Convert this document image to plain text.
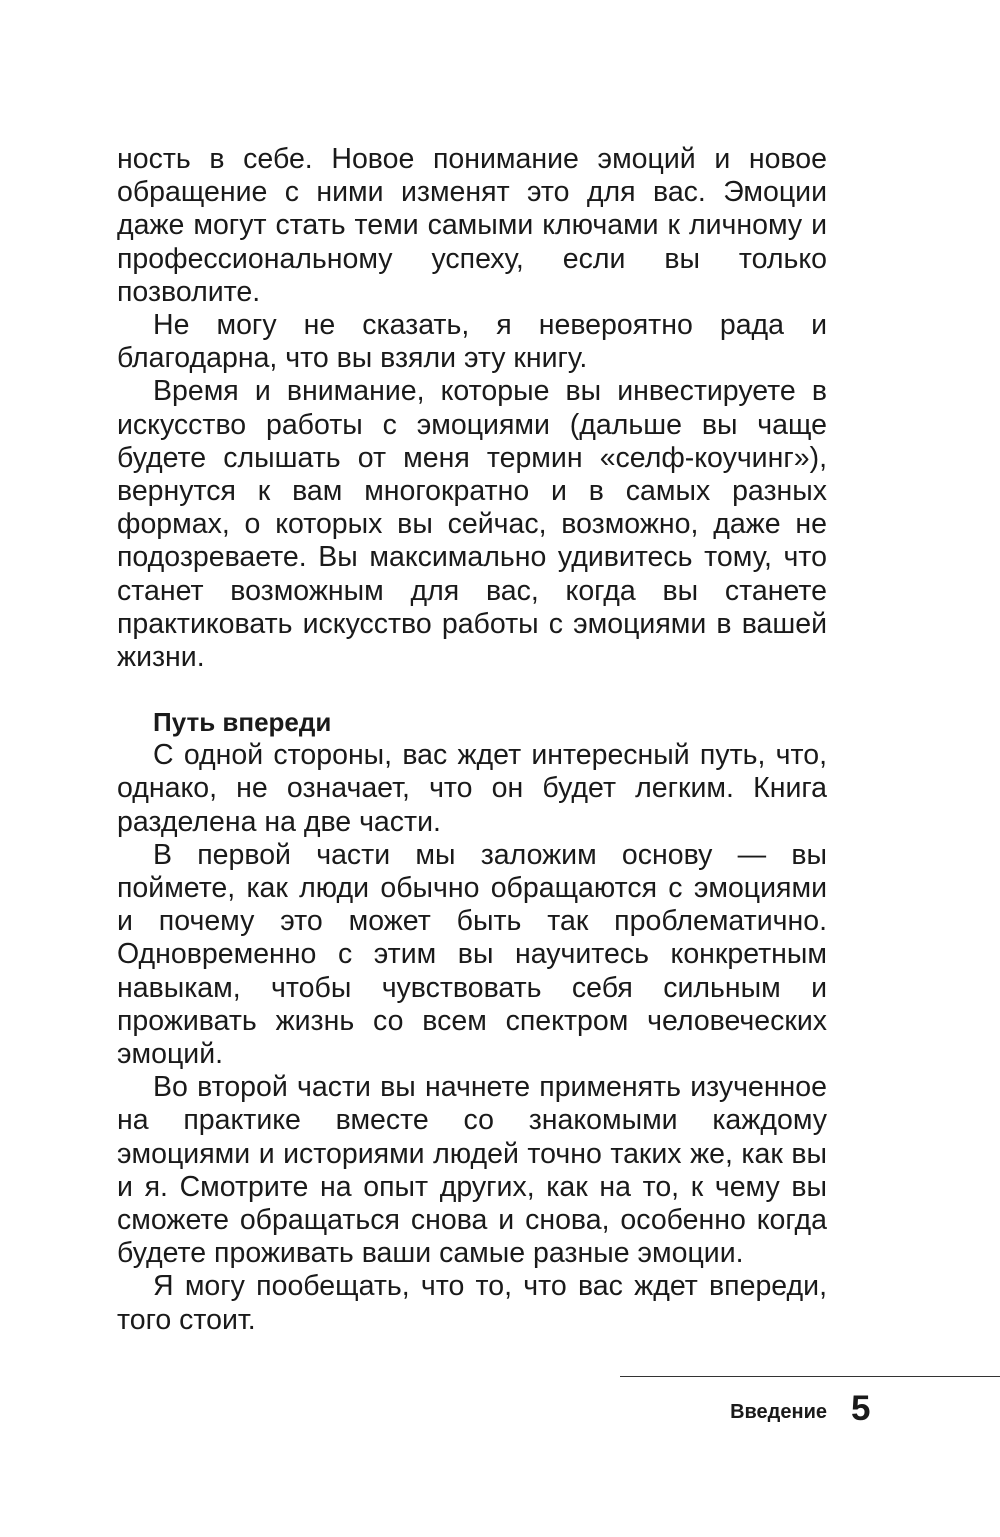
ность в себе. Новое понимание эмоций и новое обращение с ними изменят это для вас. Эмоции даже могут стать теми самыми ключами к личному и профессиональному успеху, если вы только позволите.

Не могу не сказать, я невероятно рада и благодарна, что вы взяли эту книгу.

Время и внимание, которые вы инвестируете в искусство работы с эмоциями (дальше вы чаще будете слышать от меня термин «селф-коучинг»), вернутся к вам многократно и в самых разных формах, о которых вы сейчас, возможно, даже не подозреваете. Вы максимально удивитесь тому, что станет возможным для вас, когда вы станете практиковать искусство работы с эмоциями в вашей жизни.

Путь впереди

С одной стороны, вас ждет интересный путь, что, однако, не означает, что он будет легким. Книга разделена на две части.

В первой части мы заложим основу — вы поймете, как люди обычно обращаются с эмоциями и почему это может быть так проблематично. Одновременно с этим вы научитесь конкретным навыкам, чтобы чувствовать себя сильным и проживать жизнь со всем спектром человеческих эмоций.

Во второй части вы начнете применять изученное на практике вместе со знакомыми каждому эмоциями и историями людей точно таких же, как вы и я. Смотрите на опыт других, как на то, к чему вы сможете обращаться снова и снова, особенно когда будете проживать ваши самые разные эмоции.

Я могу пообещать, что то, что вас ждет впереди, того стоит.

Введение 5
